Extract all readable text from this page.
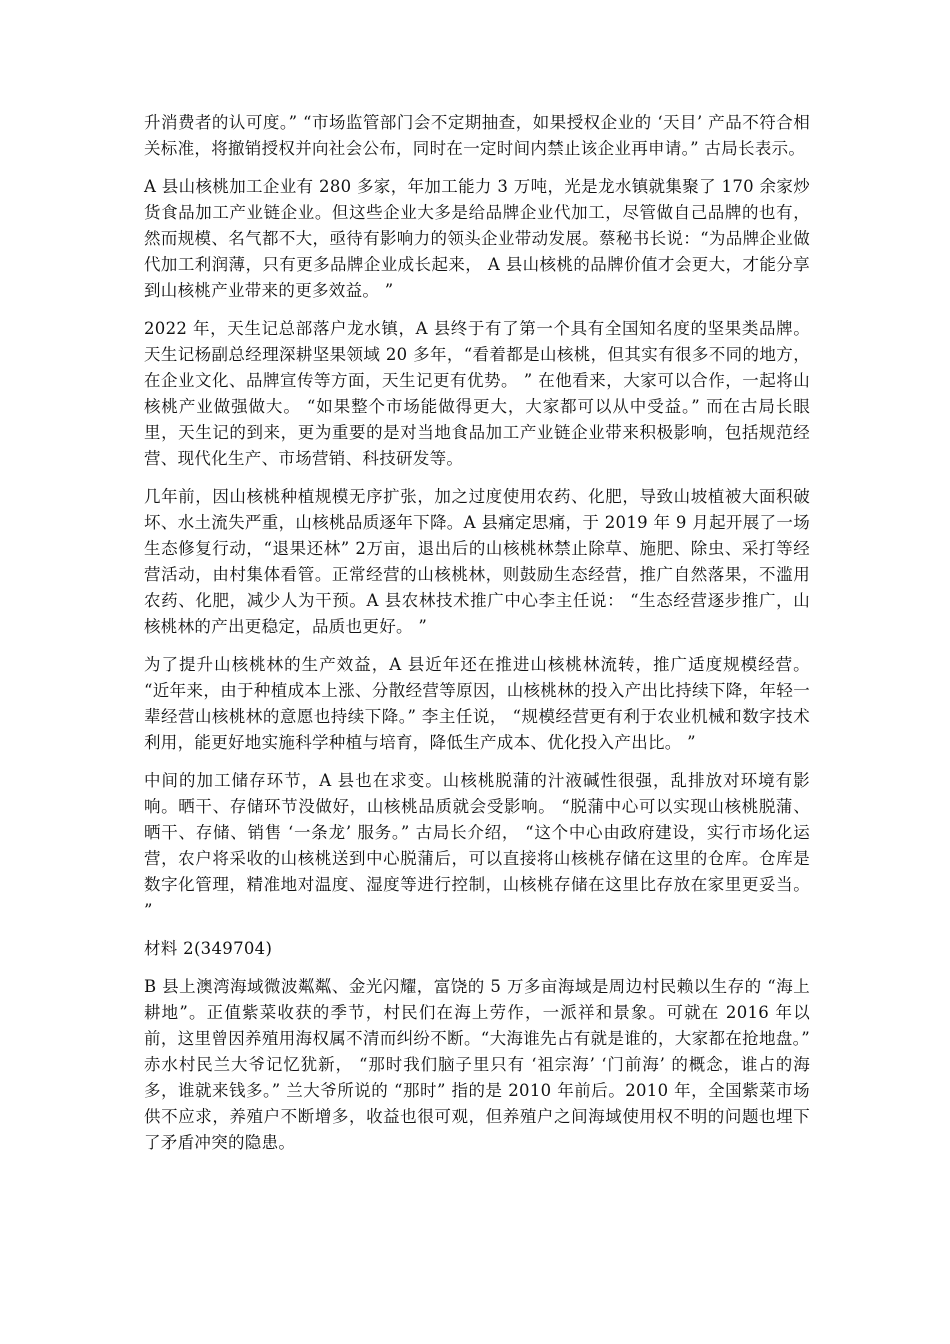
升消费者的认可度。” “市场监管部门会不定期抽查，如果授权企业的 ‘天目’ 产品不符合相关标准，将撤销授权并向社会公布，同时在一定时间内禁止该企业再申请。” 古局长表示。

A 县山核桃加工企业有 280 多家，年加工能力 3 万吨，光是龙水镇就集聚了 170 余家炒货食品加工产业链企业。但这些企业大多是给品牌企业代加工，尽管做自己品牌的也有，然而规模、名气都不大，亟待有影响力的领头企业带动发展。蔡秘书长说：“为品牌企业做代加工利润薄，只有更多品牌企业成长起来， A 县山核桃的品牌价值才会更大，才能分享到山核桃产业带来的更多效益。 ”

2022 年，天生记总部落户龙水镇，A 县终于有了第一个具有全国知名度的坚果类品牌。天生记杨副总经理深耕坚果领域 20 多年，“看着都是山核桃，但其实有很多不同的地方，在企业文化、品牌宣传等方面，天生记更有优势。 ” 在他看来，大家可以合作，一起将山核桃产业做强做大。 “如果整个市场能做得更大，大家都可以从中受益。” 而在古局长眼里，天生记的到来，更为重要的是对当地食品加工产业链企业带来积极影响，包括规范经营、现代化生产、市场营销、科技研发等。

几年前，因山核桃种植规模无序扩张，加之过度使用农药、化肥，导致山坡植被大面积破坏、水土流失严重，山核桃品质逐年下降。A 县痛定思痛，于 2019 年 9 月起开展了一场生态修复行动，“退果还林” 2万亩，退出后的山核桃林禁止除草、施肥、除虫、采打等经营活动，由村集体看管。正常经营的山核桃林，则鼓励生态经营，推广自然落果，不滥用农药、化肥，减少人为干预。A 县农林技术推广中心李主任说： “生态经营逐步推广，山核桃林的产出更稳定，品质也更好。 ”

为了提升山核桃林的生产效益，A 县近年还在推进山核桃林流转，推广适度规模经营。 “近年来，由于种植成本上涨、分散经营等原因，山核桃林的投入产出比持续下降，年轻一辈经营山核桃林的意愿也持续下降。” 李主任说， “规模经营更有利于农业机械和数字技术利用，能更好地实施科学种植与培育，降低生产成本、优化投入产出比。 ”

中间的加工储存环节，A 县也在求变。山核桃脱蒲的汁液碱性很强，乱排放对环境有影响。晒干、存储环节没做好，山核桃品质就会受影响。 “脱蒲中心可以实现山核桃脱蒲、晒干、存储、销售 ‘一条龙’ 服务。” 古局长介绍， “这个中心由政府建设，实行市场化运营，农户将采收的山核桃送到中心脱蒲后，可以直接将山核桃存储在这里的仓库。仓库是数字化管理，精准地对温度、湿度等进行控制，山核桃存储在这里比存放在家里更妥当。 ”

材料 2(349704)

B 县上澳湾海域微波粼粼、金光闪耀，富饶的 5 万多亩海域是周边村民赖以生存的 “海上耕地”。正值紫菜收获的季节，村民们在海上劳作，一派祥和景象。可就在 2016 年以前，这里曾因养殖用海权属不清而纠纷不断。“大海谁先占有就是谁的，大家都在抢地盘。” 赤水村民兰大爷记忆犹新， “那时我们脑子里只有 ‘祖宗海’ ‘门前海’ 的概念，谁占的海多，谁就来钱多。” 兰大爷所说的 “那时” 指的是 2010 年前后。2010 年，全国紫菜市场供不应求，养殖户不断增多，收益也很可观，但养殖户之间海域使用权不明的问题也埋下了矛盾冲突的隐患。
